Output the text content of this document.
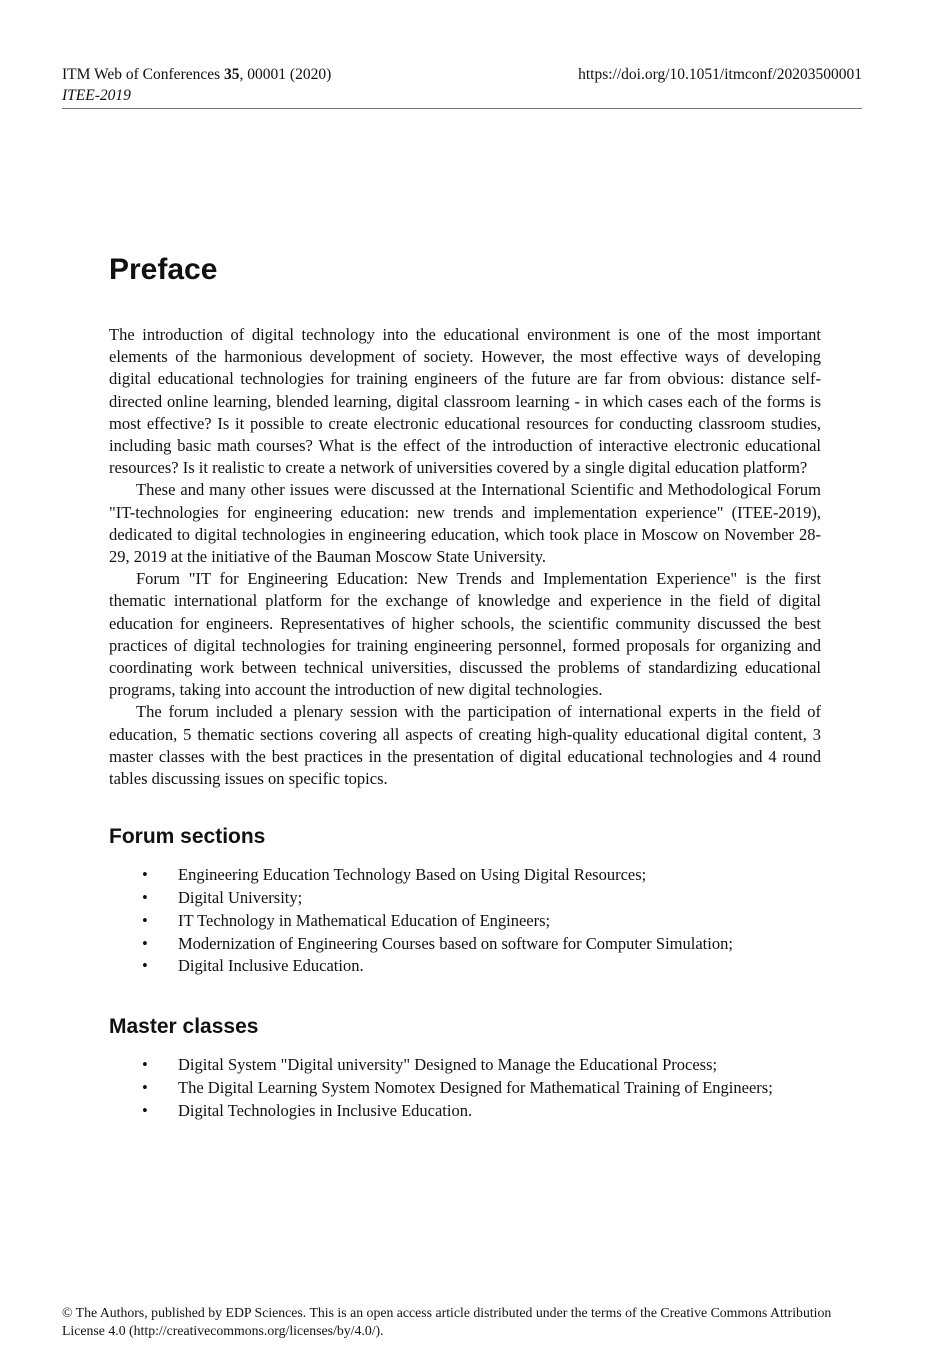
ITM Web of Conferences 35, 00001 (2020)	https://doi.org/10.1051/itmconf/20203500001
ITEE-2019
Preface

The introduction of digital technology into the educational environment is one of the most important elements of the harmonious development of society. However, the most effective ways of developing digital educational technologies for training engineers of the future are far from obvious: distance self-directed online learning, blended learning, digital classroom learning - in which cases each of the forms is most effective? Is it possible to create electronic educational resources for conducting classroom studies, including basic math courses? What is the effect of the introduction of interactive electronic educational resources? Is it realistic to create a network of universities covered by a single digital education platform?

These and many other issues were discussed at the International Scientific and Methodological Forum "IT-technologies for engineering education: new trends and implementation experience" (ITEE-2019), dedicated to digital technologies in engineering education, which took place in Moscow on November 28-29, 2019 at the initiative of the Bauman Moscow State University.

Forum "IT for Engineering Education: New Trends and Implementation Experience" is the first thematic international platform for the exchange of knowledge and experience in the field of digital education for engineers. Representatives of higher schools, the scientific community discussed the best practices of digital technologies for training engineering personnel, formed proposals for organizing and coordinating work between technical universities, discussed the problems of standardizing educational programs, taking into account the introduction of new digital technologies.

The forum included a plenary session with the participation of international experts in the field of education, 5 thematic sections covering all aspects of creating high-quality educational digital content, 3 master classes with the best practices in the presentation of digital educational technologies and 4 round tables discussing issues on specific topics.

Forum sections
• Engineering Education Technology Based on Using Digital Resources;
• Digital University;
• IT Technology in Mathematical Education of Engineers;
• Modernization of Engineering Courses based on software for Computer Simulation;
• Digital Inclusive Education.
Master classes
• Digital System "Digital university" Designed to Manage the Educational Process;
• The Digital Learning System Nomotex Designed for Mathematical Training of Engineers;
• Digital Technologies in Inclusive Education.
© The Authors, published by EDP Sciences. This is an open access article distributed under the terms of the Creative Commons Attribution License 4.0 (http://creativecommons.org/licenses/by/4.0/).
